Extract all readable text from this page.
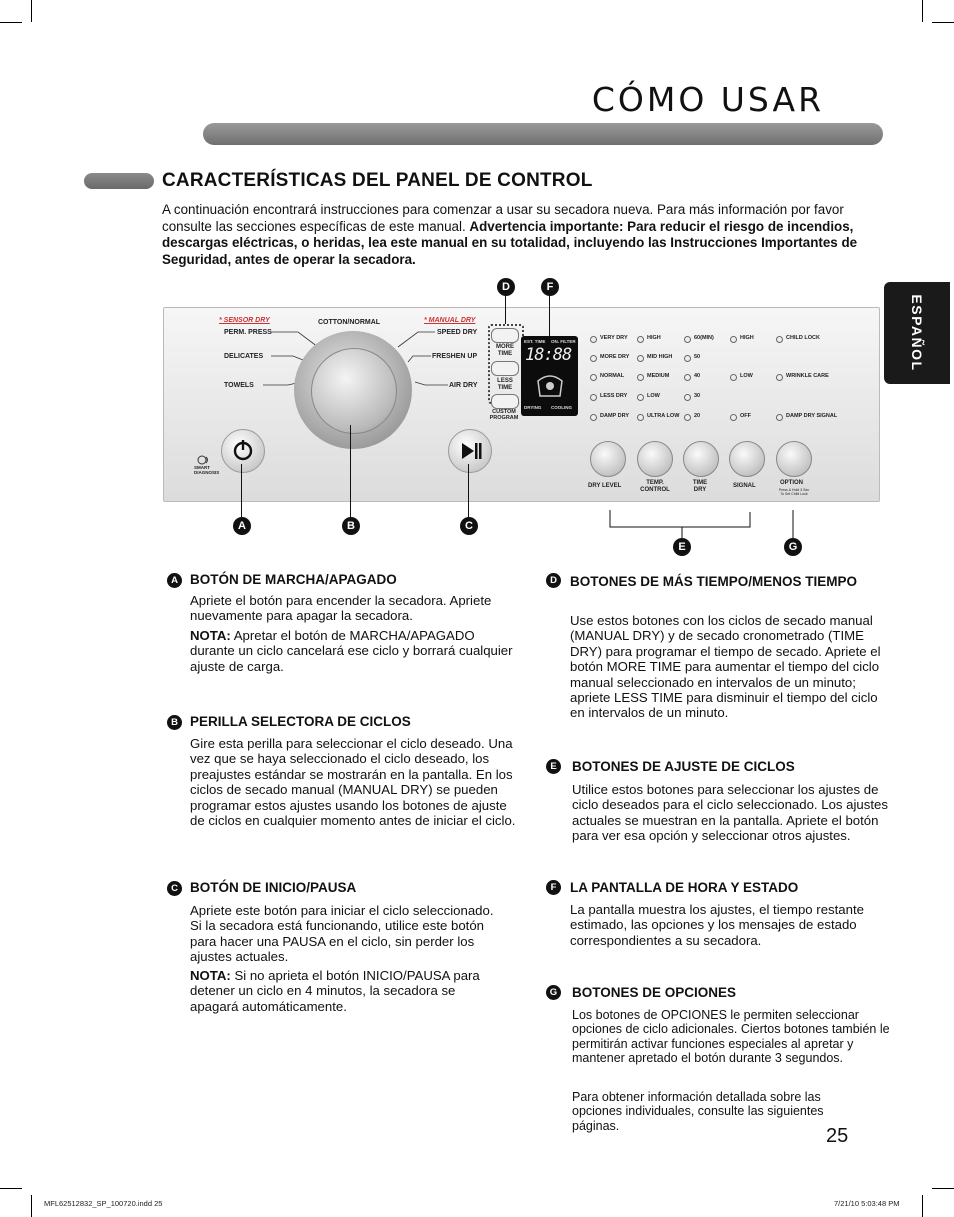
CÓMO USAR
CARACTERÍSTICAS DEL PANEL DE CONTROL
A continuación encontrará instrucciones para comenzar a usar su secadora nueva. Para más información por favor consulte las secciones específicas de este manual. Advertencia importante: Para reducir el riesgo de incendios, descargas eléctricas, o heridas, lea este manual en su totalidad, incluyendo las Instrucciones Importantes de Seguridad, antes de operar la secadora.
ESPAÑOL
* SENSOR DRY	* MANUAL DRY
COTTON/NORMAL
PERM. PRESS
DELICATES
TOWELS
SPEED DRY
FRESHEN UP
AIR DRY
SMART DIAGNOSIS
MORE TIME
LESS TIME
CUSTOM PROGRAM
EST. TIME ON. FILTER
18:88
DRYING COOLING
VERY DRY
MORE DRY
NORMAL
LESS DRY
DAMP DRY
HIGH
MID HIGH
MEDIUM
LOW
ULTRA LOW
60(MIN)
50
40
30
20
HIGH
LOW
OFF
CHILD LOCK
WRINKLE CARE
DAMP DRY SIGNAL
DRY LEVEL	TEMP. CONTROL
TIME DRY
SIGNAL	OPTION
Press & Hold 3 Sec To Set Child Lock
D	F
A	B	C
E	G
A BOTÓN DE MARCHA/APAGADO
Apriete el botón para encender la secadora. Apriete nuevamente para apagar la secadora.
NOTA: Apretar el botón de MARCHA/APAGADO durante un ciclo cancelará ese ciclo y borrará cualquier ajuste de carga.
B PERILLA SELECTORA DE CICLOS
Gire esta perilla para seleccionar el ciclo deseado. Una vez que se haya seleccionado el ciclo deseado, los preajustes estándar se mostrarán en la pantalla. En los ciclos de secado manual (MANUAL DRY) se pueden programar estos ajustes usando los botones de ajuste de ciclos en cualquier momento antes de iniciar el ciclo.
C BOTÓN DE INICIO/PAUSA
Apriete este botón para iniciar el ciclo seleccionado. Si la secadora está funcionando, utilice este botón para hacer una PAUSA en el ciclo, sin perder los ajustes actuales.
NOTA: Si no aprieta el botón INICIO/PAUSA para detener un ciclo en 4 minutos, la secadora se apagará automáticamente.
D BOTONES DE MÁS TIEMPO/MENOS TIEMPO
Use estos botones con los ciclos de secado manual (MANUAL DRY) y de secado cronometrado (TIME DRY) para programar el tiempo de secado. Apriete el botón MORE TIME para aumentar el tiempo del ciclo manual seleccionado en intervalos de un minuto; apriete LESS TIME para disminuir el tiempo del ciclo en intervalos de un minuto.
E	BOTONES DE AJUSTE DE CICLOS
Utilice estos botones para seleccionar los ajustes de ciclo deseados para el ciclo seleccionado. Los ajustes actuales se muestran en la pantalla. Apriete el botón para ver esa opción y seleccionar otros ajustes.
F	LA PANTALLA DE HORA Y ESTADO
La pantalla muestra los ajustes, el tiempo restante estimado, las opciones y los mensajes de estado correspondientes a su secadora.
G BOTONES DE OPCIONES
Los botones de OPCIONES le permiten seleccionar opciones de ciclo adicionales. Ciertos botones también le permitirán activar funciones especiales al apretar y mantener apretado el botón durante 3 segundos.
Para obtener información detallada sobre las opciones individuales, consulte las siguientes páginas.	25
MFL62512832_SP_100720.indd 25	7/21/10 5:03:48 PM
